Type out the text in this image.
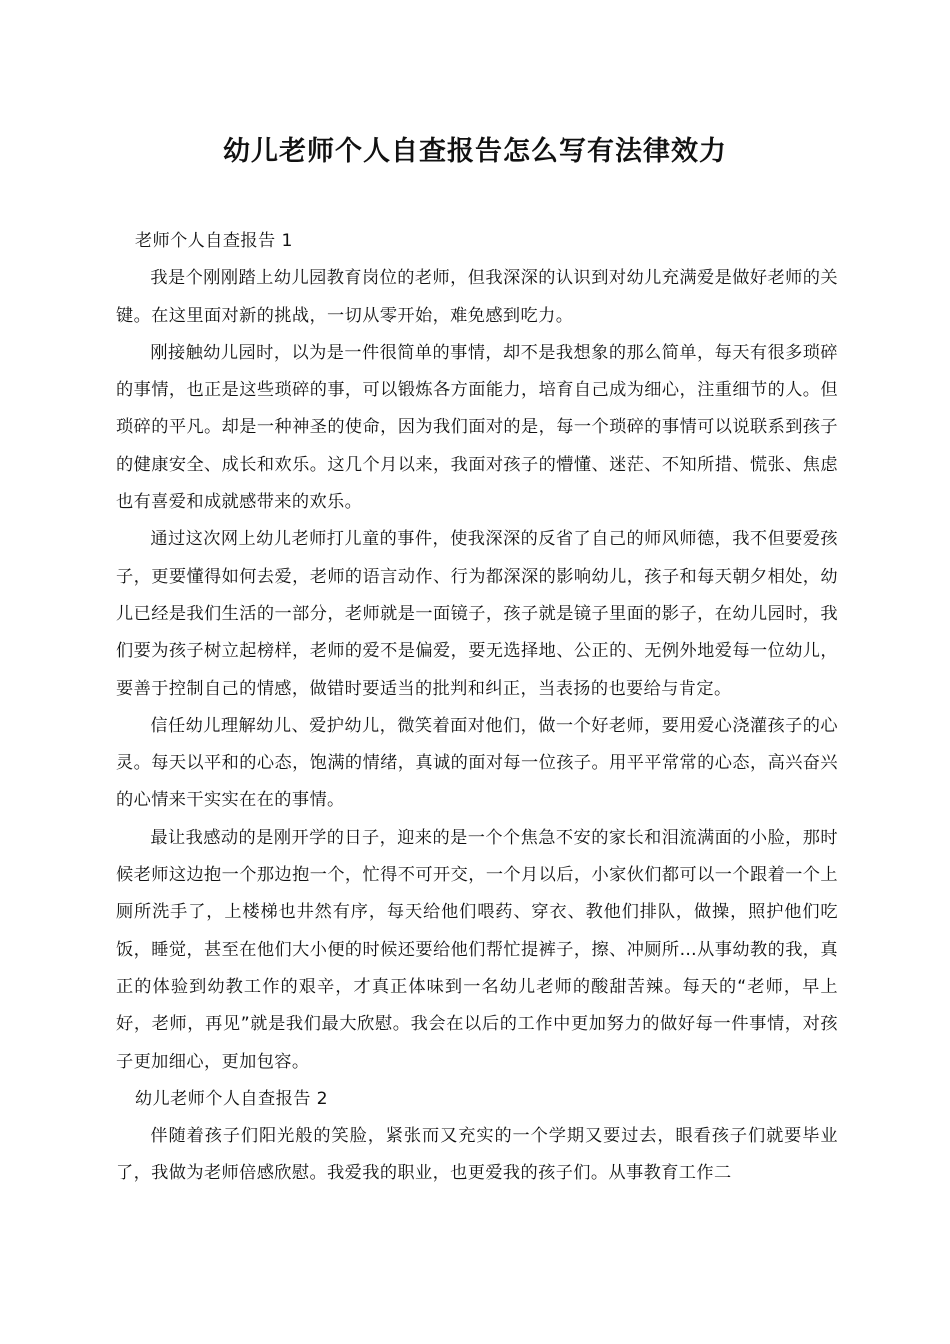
幼儿老师个人自查报告怎么写有法律效力

老师个人自查报告 1

我是个刚刚踏上幼儿园教育岗位的老师，但我深深的认识到对幼儿充满爱是做好老师的关键。在这里面对新的挑战，一切从零开始，难免感到吃力。

刚接触幼儿园时，以为是一件很简单的事情，却不是我想象的那么简单，每天有很多琐碎的事情，也正是这些琐碎的事，可以锻炼各方面能力，培育自己成为细心，注重细节的人。但琐碎的平凡。却是一种神圣的使命，因为我们面对的是，每一个琐碎的事情可以说联系到孩子的健康安全、成长和欢乐。这几个月以来，我面对孩子的懵懂、迷茫、不知所措、慌张、焦虑也有喜爱和成就感带来的欢乐。

通过这次网上幼儿老师打儿童的事件，使我深深的反省了自己的师风师德，我不但要爱孩子，更要懂得如何去爱，老师的语言动作、行为都深深的影响幼儿，孩子和每天朝夕相处，幼儿已经是我们生活的一部分，老师就是一面镜子，孩子就是镜子里面的影子，在幼儿园时，我们要为孩子树立起榜样，老师的爱不是偏爱，要无选择地、公正的、无例外地爱每一位幼儿，要善于控制自己的情感，做错时要适当的批判和纠正，当表扬的也要给与肯定。

信任幼儿理解幼儿、爱护幼儿，微笑着面对他们，做一个好老师，要用爱心浇灌孩子的心灵。每天以平和的心态，饱满的情绪，真诚的面对每一位孩子。用平平常常的心态，高兴奋兴的心情来干实实在在的事情。

最让我感动的是刚开学的日子，迎来的是一个个焦急不安的家长和泪流满面的小脸，那时候老师这边抱一个那边抱一个，忙得不可开交，一个月以后，小家伙们都可以一个跟着一个上厕所洗手了，上楼梯也井然有序，每天给他们喂药、穿衣、教他们排队，做操，照护他们吃饭，睡觉，甚至在他们大小便的时候还要给他们帮忙提裤子，擦、冲厕所…从事幼教的我，真正的体验到幼教工作的艰辛，才真正体味到一名幼儿老师的酸甜苦辣。每天的“老师，早上好，老师，再见”就是我们最大欣慰。我会在以后的工作中更加努力的做好每一件事情，对孩子更加细心，更加包容。

幼儿老师个人自查报告 2

伴随着孩子们阳光般的笑脸，紧张而又充实的一个学期又要过去，眼看孩子们就要毕业了，我做为老师倍感欣慰。我爱我的职业，也更爱我的孩子们。从事教育工作二
